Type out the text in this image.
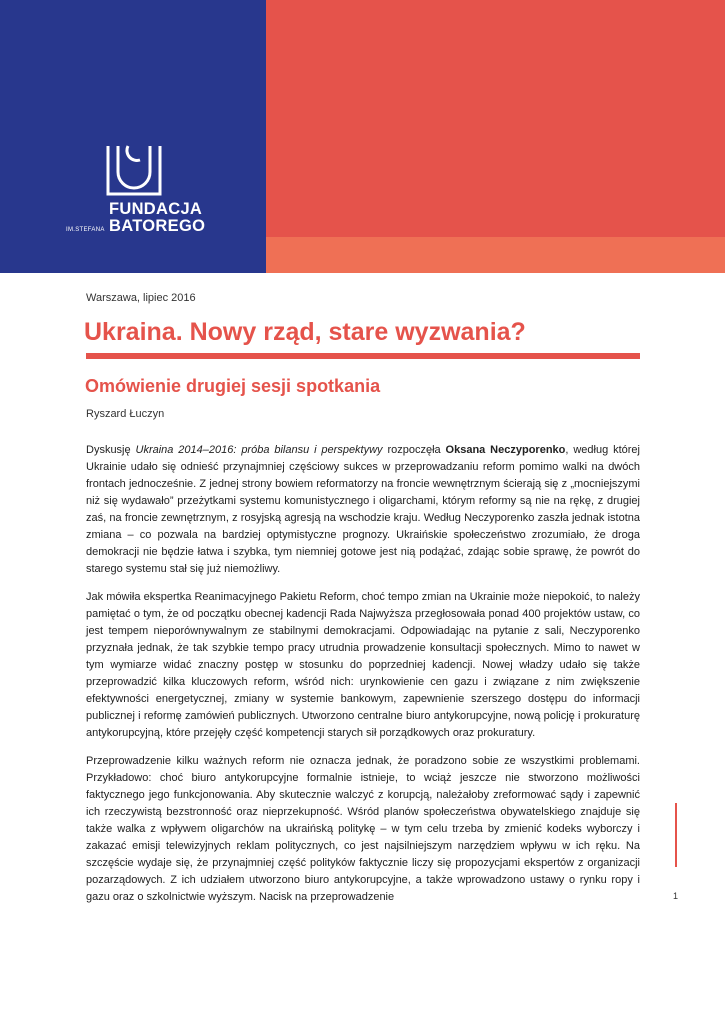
FUNDACJA
IM.STEFANA BATOREGO
Warszawa, lipiec 2016
Ukraina. Nowy rząd, stare wyzwania?
Omówienie drugiej sesji spotkania
Ryszard Łuczyn

Dyskusję Ukraina 2014–2016: próba bilansu i perspektywy rozpoczęła Oksana Neczyporenko, według której Ukrainie udało się odnieść przynajmniej częściowy sukces w przeprowadzaniu reform pomimo walki na dwóch frontach jednocześnie. Z jednej strony bowiem reformatorzy na froncie wewnętrznym ścierają się z „mocniejszymi niż się wydawało” przeżytkami systemu komunistycznego i oligarchami, którym reformy są nie na rękę, z drugiej zaś, na froncie zewnętrznym, z rosyjską agresją na wschodzie kraju. Według Neczyporenko zaszła jednak istotna zmiana – co pozwala na bardziej optymistyczne prognozy. Ukraińskie społeczeństwo zrozumiało, że droga demokracji nie będzie łatwa i szybka, tym niemniej gotowe jest nią podążać, zdając sobie sprawę, że powrót do starego systemu stał się już niemożliwy.

Jak mówiła ekspertka Reanimacyjnego Pakietu Reform, choć tempo zmian na Ukrainie może niepokoić, to należy pamiętać o tym, że od początku obecnej kadencji Rada Najwyższa przegłosowała ponad 400 projektów ustaw, co jest tempem nieporównywalnym ze stabilnymi demokracjami. Odpowiadając na pytanie z sali, Neczyporenko przyznała jednak, że tak szybkie tempo pracy utrudnia prowadzenie konsultacji społecznych. Mimo to nawet w tym wymiarze widać znaczny postęp w stosunku do poprzedniej kadencji. Nowej władzy udało się także przeprowadzić kilka kluczowych reform, wśród nich: urynkowienie cen gazu i związane z nim zwiększenie efektywności energetycznej, zmiany w systemie bankowym, zapewnienie szerszego dostępu do informacji publicznej i reformę zamówień publicznych. Utworzono centralne biuro antykorupcyjne, nową policję i prokuraturę antykorupcyjną, które przejęły część kompetencji starych sił porządkowych oraz prokuratury.

Przeprowadzenie kilku ważnych reform nie oznacza jednak, że poradzono sobie ze wszystkimi problemami. Przykładowo: choć biuro antykorupcyjne formalnie istnieje, to wciąż jeszcze nie stworzono możliwości faktycznego jego funkcjonowania. Aby skutecznie walczyć z korupcją, należałoby zreformować sądy i zapewnić ich rzeczywistą bezstronność oraz nieprzekupność. Wśród planów społeczeństwa obywatelskiego znajduje się także walka z wpływem oligarchów na ukraińską politykę – w tym celu trzeba by zmienić kodeks wyborczy i zakazać emisji telewizyjnych reklam politycznych, co jest najsilniejszym narzędziem wpływu w ich ręku. Na szczęście wydaje się, że przynajmniej część polityków faktycznie liczy się propozycjami ekspertów z organizacji pozarządowych. Z ich udziałem utworzono biuro antykorupcyjne, a także wprowadzono ustawy o rynku ropy i gazu oraz o szkolnictwie wyższym. Nacisk na przeprowadzenie	1
